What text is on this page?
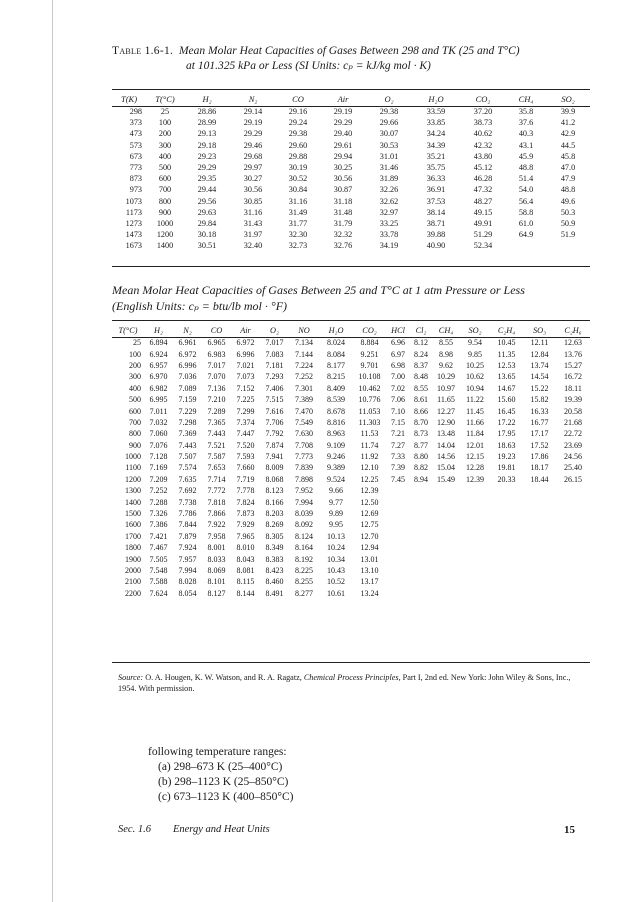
Table 1.6-1. Mean Molar Heat Capacities of Gases Between 298 and TK (25 and T°C)
at 101.325 kPa or Less (SI Units: cₚ = kJ/kg mol · K)
T(K)	T(°C)	H₂	N₂	CO	Air	O₂	H₂O	CO₂	CH₄	SO₂
298	25	28.86	29.14	29.16	29.19	29.38	33.59	37.20	35.8	39.9
373	100	28.99	29.19	29.24	29.29	29.66	33.85	38.73	37.6	41.2
473	200	29.13	29.29	29.38	29.40	30.07	34.24	40.62	40.3	42.9
573	300	29.18	29.46	29.60	29.61	30.53	34.39	42.32	43.1	44.5
673	400	29.23	29.68	29.88	29.94	31.01	35.21	43.80	45.9	45.8
773	500	29.29	29.97	30.19	30.25	31.46	35.75	45.12	48.8	47.0
873	600	29.35	30.27	30.52	30.56	31.89	36.33	46.28	51.4	47.9
973	700	29.44	30.56	30.84	30.87	32.26	36.91	47.32	54.0	48.8
1073	800	29.56	30.85	31.16	31.18	32.62	37.53	48.27	56.4	49.6
1173	900	29.63	31.16	31.49	31.48	32.97	38.14	49.15	58.8	50.3
1273	1000	29.84	31.43	31.77	31.79	33.25	38.71	49.91	61.0	50.9
1473	1200	30.18	31.97	32.30	32.32	33.78	39.88	51.29	64.9	51.9
1673	1400	30.51	32.40	32.73	32.76	34.19	40.90	52.34		
Mean Molar Heat Capacities of Gases Between 25 and T°C at 1 atm Pressure or Less
(English Units: cₚ = btu/lb mol · °F)
T(°C)	H₂	N₂	CO	Air	O₂	NO	H₂O	CO₂	HCl	Cl₂	CH₄	SO₂	C₂H₄	SO₃	C₂H₆
25	6.894	6.961	6.965	6.972	7.017	7.134	8.024	8.884	6.96	8.12	8.55	9.54	10.45	12.11	12.63
100	6.924	6.972	6.983	6.996	7.083	7.144	8.084	9.251	6.97	8.24	8.98	9.85	11.35	12.84	13.76
200	6.957	6.996	7.017	7.021	7.181	7.224	8.177	9.701	6.98	8.37	9.62	10.25	12.53	13.74	15.27
300	6.970	7.036	7.070	7.073	7.293	7.252	8.215	10.108	7.00	8.48	10.29	10.62	13.65	14.54	16.72
400	6.982	7.089	7.136	7.152	7.406	7.301	8.409	10.462	7.02	8.55	10.97	10.94	14.67	15.22	18.11
500	6.995	7.159	7.210	7.225	7.515	7.389	8.539	10.776	7.06	8.61	11.65	11.22	15.60	15.82	19.39
600	7.011	7.229	7.289	7.299	7.616	7.470	8.678	11.053	7.10	8.66	12.27	11.45	16.45	16.33	20.58
700	7.032	7.298	7.365	7.374	7.706	7.549	8.816	11.303	7.15	8.70	12.90	11.66	17.22	16.77	21.68
800	7.060	7.369	7.443	7.447	7.792	7.630	8.963	11.53	7.21	8.73	13.48	11.84	17.95	17.17	22.72
900	7.076	7.443	7.521	7.520	7.874	7.708	9.109	11.74	7.27	8.77	14.04	12.01	18.63	17.52	23.69
1000	7.128	7.507	7.587	7.593	7.941	7.773	9.246	11.92	7.33	8.80	14.56	12.15	19.23	17.86	24.56
1100	7.169	7.574	7.653	7.660	8.009	7.839	9.389	12.10	7.39	8.82	15.04	12.28	19.81	18.17	25.40
1200	7.209	7.635	7.714	7.719	8.068	7.898	9.524	12.25	7.45	8.94	15.49	12.39	20.33	18.44	26.15
1300	7.252	7.692	7.772	7.778	8.123	7.952	9.66	12.39							
1400	7.288	7.738	7.818	7.824	8.166	7.994	9.77	12.50							
1500	7.326	7.786	7.866	7.873	8.203	8.039	9.89	12.69							
1600	7.386	7.844	7.922	7.929	8.269	8.092	9.95	12.75							
1700	7.421	7.879	7.958	7.965	8.305	8.124	10.13	12.70							
1800	7.467	7.924	8.001	8.010	8.349	8.164	10.24	12.94							
1900	7.505	7.957	8.033	8.043	8.383	8.192	10.34	13.01							
2000	7.548	7.994	8.069	8.081	8.423	8.225	10.43	13.10							
2100	7.588	8.028	8.101	8.115	8.460	8.255	10.52	13.17							
2200	7.624	8.054	8.127	8.144	8.491	8.277	10.61	13.24							
Source: O. A. Hougen, K. W. Watson, and R. A. Ragatz, Chemical Process Principles, Part I, 2nd ed. New York: John Wiley & Sons, Inc., 1954. With permission.
following temperature ranges:
(a) 298–673 K (25–400°C)
(b) 298–1123 K (25–850°C)
(c) 673–1123 K (400–850°C)
Sec. 1.6 Energy and Heat Units	15
